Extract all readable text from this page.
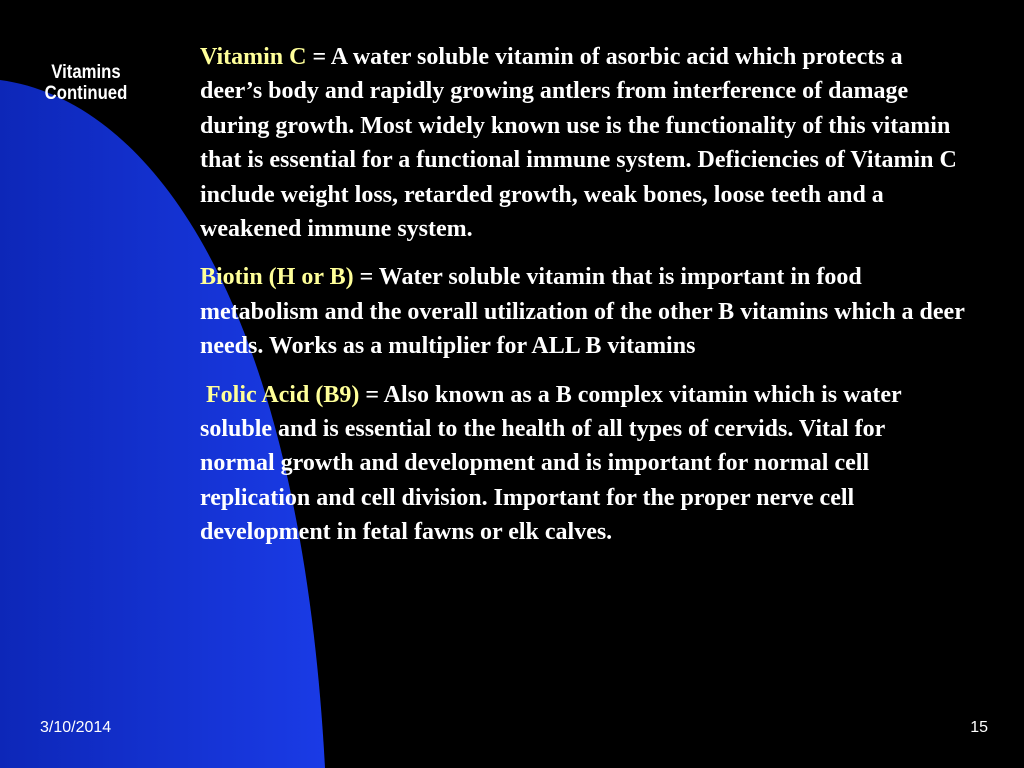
Vitamins
Continued

Vitamin C = A water soluble vitamin of asorbic acid which protects a deer’s body and rapidly growing antlers from interference of damage during growth. Most widely known use is the functionality of this vitamin that is essential for a functional immune system. Deficiencies of Vitamin C include weight loss, retarded growth, weak bones, loose teeth and a weakened immune system.

Biotin (H or B) = Water soluble vitamin that is important in food metabolism and the overall utilization of the other B vitamins which a deer needs. Works as a multiplier for ALL B vitamins

Folic Acid (B9) = Also known as a B complex vitamin which is water soluble and is essential to the health of all types of cervids. Vital for normal growth and development and is important for normal cell replication and cell division. Important for the proper nerve cell development in fetal fawns or elk calves.

3/10/2014	15
